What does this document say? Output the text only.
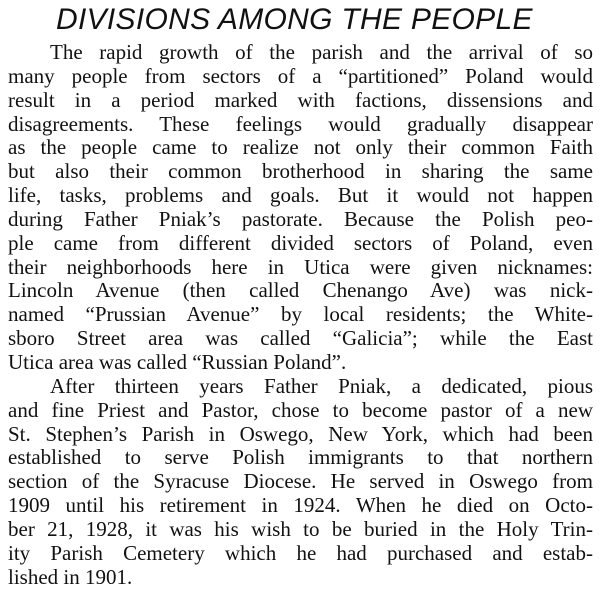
DIVISIONS AMONG THE PEOPLE
The rapid growth of the parish and the arrival of so
many people from sectors of a “partitioned” Poland would
result in a period marked with factions, dissensions and
disagreements. These feelings would gradually disappear
as the people came to realize not only their common Faith
but also their common brotherhood in sharing the same
life, tasks, problems and goals. But it would not happen
during Father Pniak’s pastorate. Because the Polish peo-
ple came from different divided sectors of Poland, even
their neighborhoods here in Utica were given nicknames:
Lincoln Avenue (then called Chenango Ave) was nick-
named “Prussian Avenue” by local residents; the White-
sboro Street area was called “Galicia”; while the East
Utica area was called “Russian Poland”.
After thirteen years Father Pniak, a dedicated, pious
and fine Priest and Pastor, chose to become pastor of a new
St. Stephen’s Parish in Oswego, New York, which had been
established to serve Polish immigrants to that northern
section of the Syracuse Diocese. He served in Oswego from
1909 until his retirement in 1924. When he died on Octo-
ber 21, 1928, it was his wish to be buried in the Holy Trin-
ity Parish Cemetery which he had purchased and estab-
lished in 1901.
